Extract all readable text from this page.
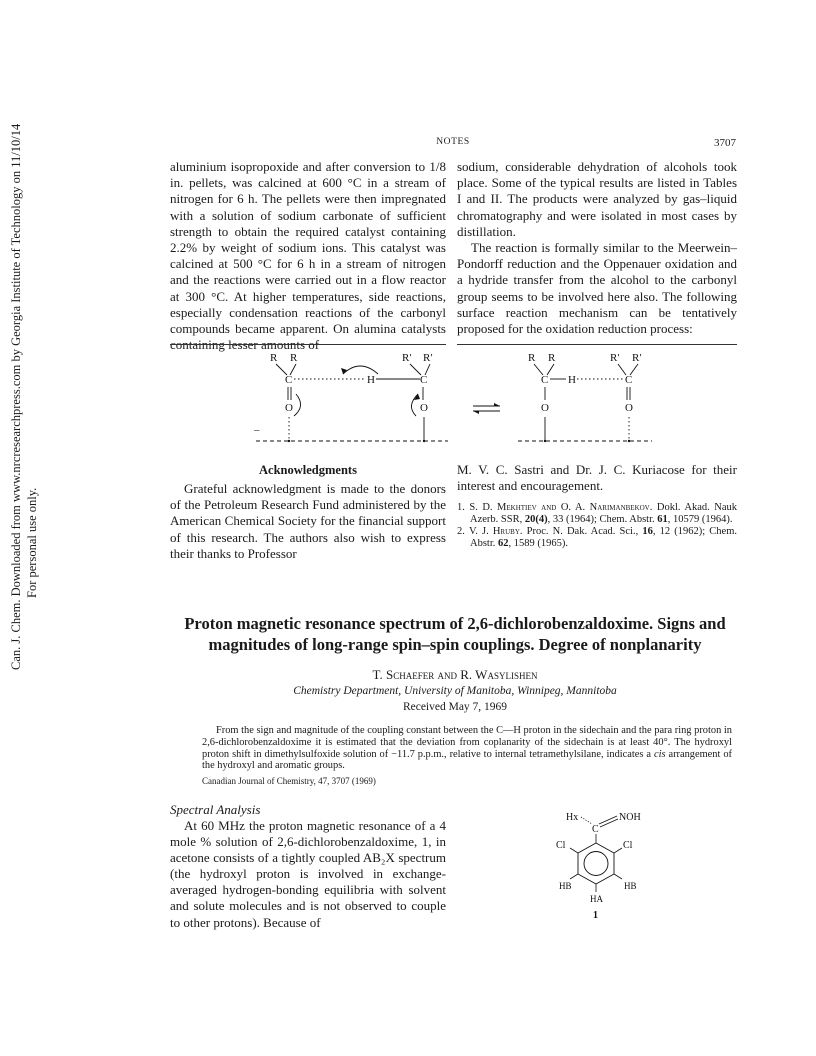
Can. J. Chem. Downloaded from www.nrcresearchpress.com by Georgia Institute of Technology on 11/10/14 For personal use only.
NOTES	3707

aluminium isopropoxide and after conversion to 1/8 in. pellets, was calcined at 600 °C in a stream of nitrogen for 6 h. The pellets were then impregnated with a solution of sodium carbonate of sufficient strength to obtain the required catalyst containing 2.2% by weight of sodium ions. This catalyst was calcined at 500 °C for 6 h in a stream of nitrogen and the reactions were carried out in a flow reactor at 300 °C. At higher temperatures, side reactions, especially condensation reactions of the carbonyl compounds became apparent. On alumina catalysts containing lesser amounts of

sodium, considerable dehydration of alcohols took place. Some of the typical results are listed in Tables I and II. The products were analyzed by gas–liquid chromatography and were isolated in most cases by distillation.

The reaction is formally similar to the Meerwein–Pondorff reduction and the Oppenauer oxidation and a hydride transfer from the alcohol to the carbonyl group seems to be involved here also. The following surface reaction mechanism can be tentatively proposed for the oxidation reduction process:

R R
C	H
R′ R′
C
O	O
–
R R
C H
R′ R′
C
O	O
Acknowledgments

Grateful acknowledgment is made to the donors of the Petroleum Research Fund administered by the American Chemical Society for the financial support of this research. The authors also wish to express their thanks to Professor

M. V. C. Sastri and Dr. J. C. Kuriacose for their interest and encouragement.

1. S. D. Mekhtiev and O. A. Narimanbekov. Dokl. Akad. Nauk Azerb. SSR, 20(4), 33 (1964); Chem. Abstr. 61, 10579 (1964).
2. V. J. Hruby. Proc. N. Dak. Acad. Sci., 16, 12 (1962); Chem. Abstr. 62, 1589 (1965).
Proton magnetic resonance spectrum of 2,6-dichlorobenzaldoxime. Signs and
magnitudes of long-range spin–spin couplings. Degree of nonplanarity
T. Schaefer and R. Wasylishen
Chemistry Department, University of Manitoba, Winnipeg, Mannitoba
Received May 7, 1969

From the sign and magnitude of the coupling constant between the C—H proton in the sidechain and the para ring proton in 2,6-dichlorobenzaldoxime it is estimated that the deviation from coplanarity of the sidechain is at least 40°. The hydroxyl proton shift in dimethylsulfoxide solution of −11.7 p.p.m., relative to internal tetramethylsilane, indicates a cis arrangement of the hydroxyl and aromatic groups.

Canadian Journal of Chemistry, 47, 3707 (1969)
Spectral Analysis

At 60 MHz the proton magnetic resonance of a 4 mole % solution of 2,6-dichlorobenzaldoxime, 1, in acetone consists of a tightly coupled AB₂X spectrum (the hydroxyl proton is involved in exchange-averaged hydrogen-bonding equilibria with solvent and solute molecules and is not observed to couple to other protons). Because of

Hx	NOH
C
Cl	Cl
HB	HB
HA
1
